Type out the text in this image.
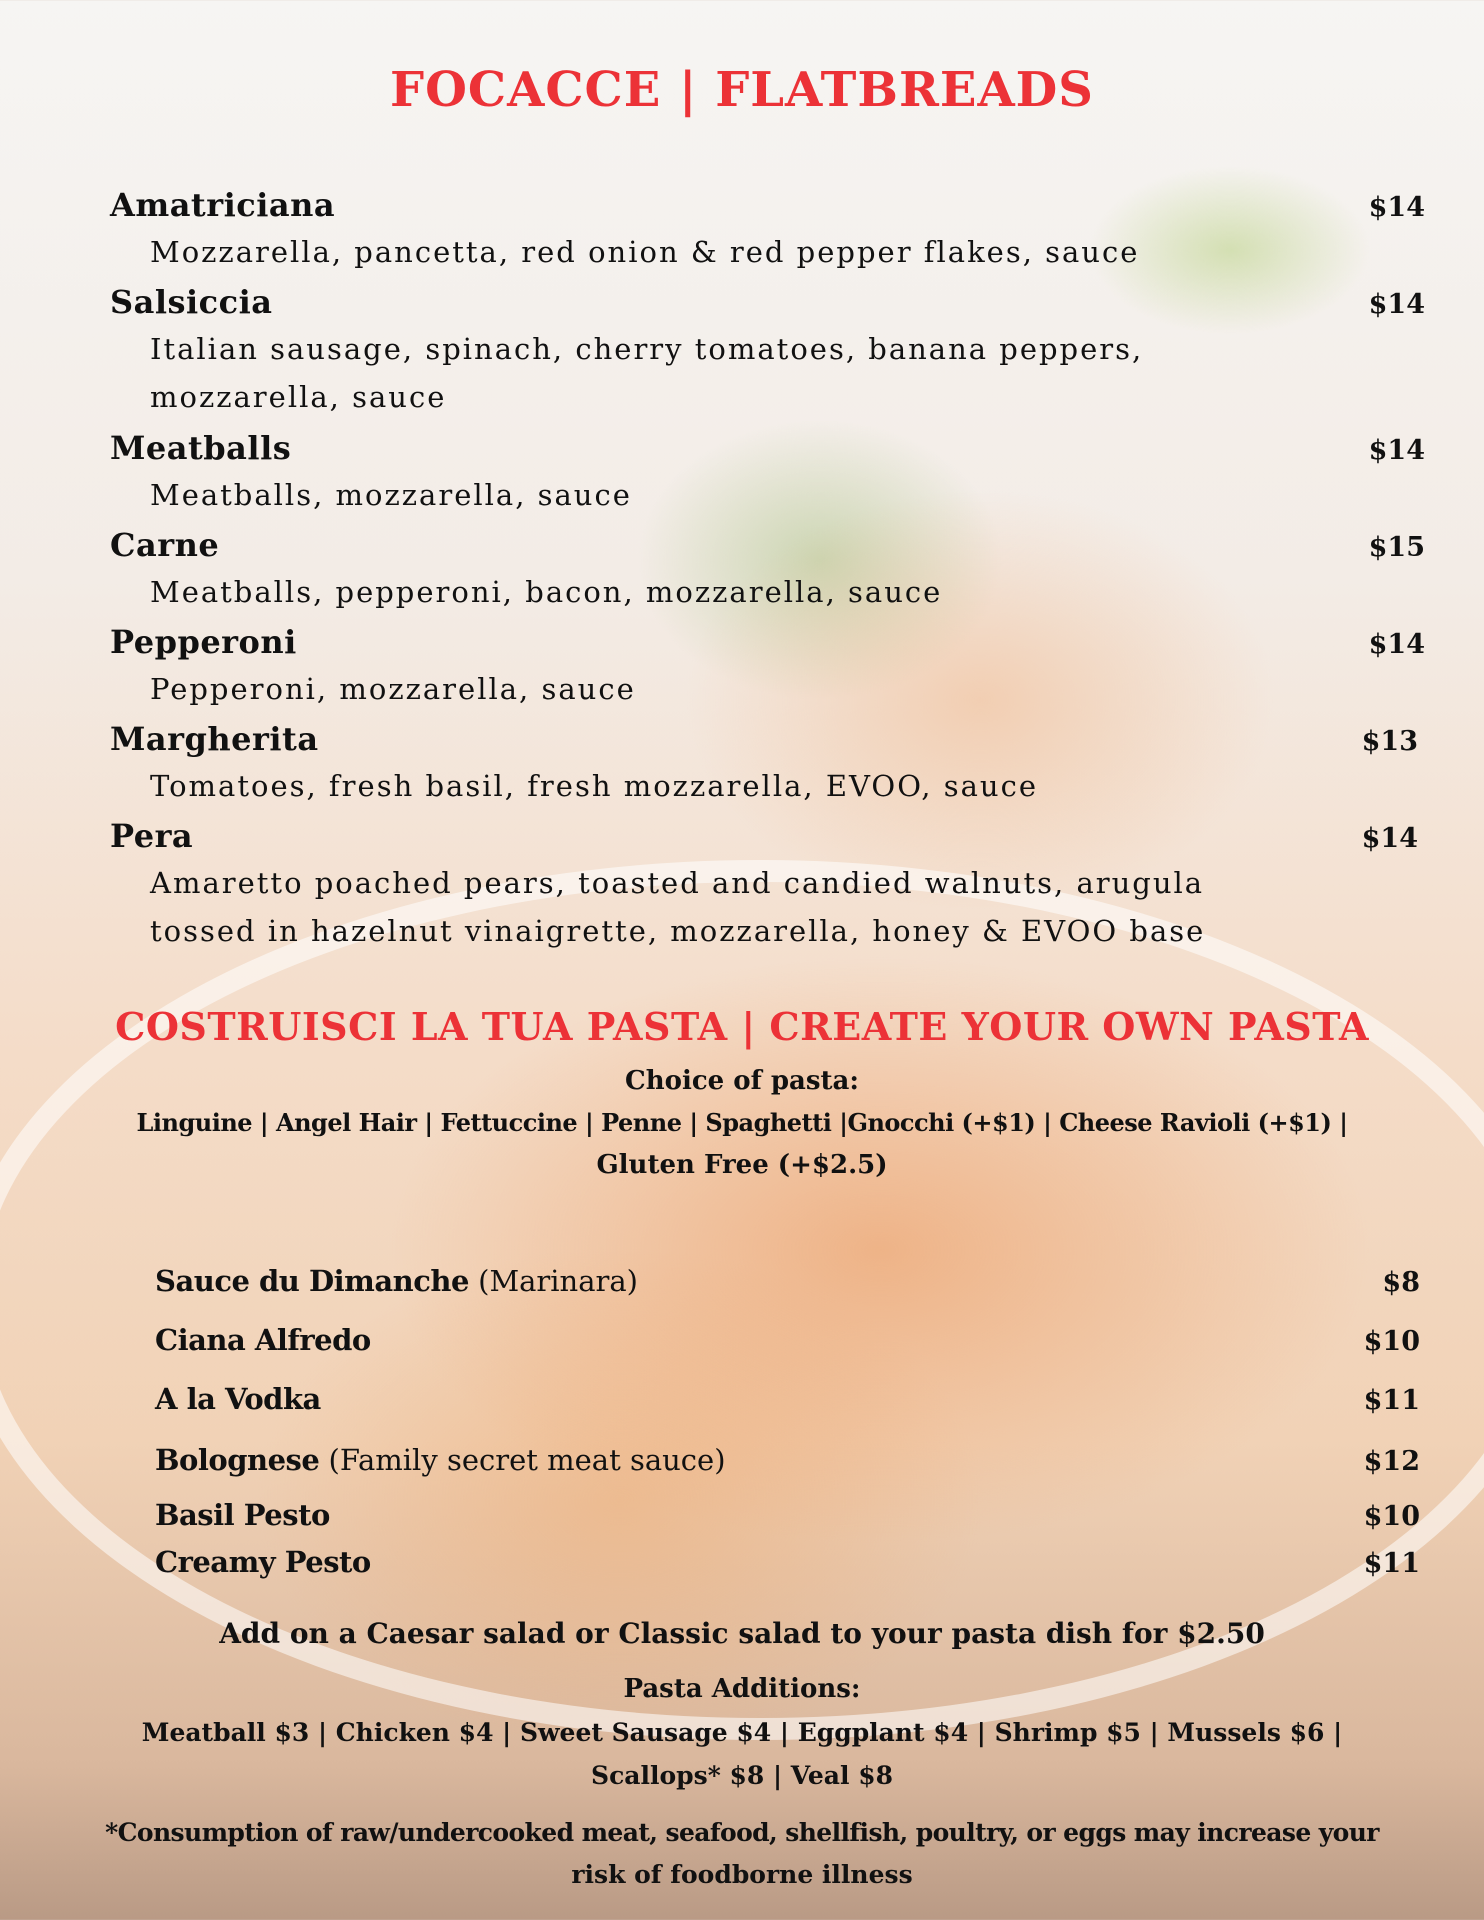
FOCACCE | FLATBREADS
Amatriciana	$14
Mozzarella, pancetta, red onion & red pepper flakes, sauce
Salsiccia	$14
Italian sausage, spinach, cherry tomatoes, banana peppers,
mozzarella, sauce
Meatballs	$14
Meatballs, mozzarella, sauce
Carne	$15
Meatballs, pepperoni, bacon, mozzarella, sauce
Pepperoni	$14
Pepperoni, mozzarella, sauce
Margherita	$13
Tomatoes, fresh basil, fresh mozzarella, EVOO, sauce
Pera	$14
Amaretto poached pears, toasted and candied walnuts, arugula
tossed in hazelnut vinaigrette, mozzarella, honey & EVOO base
COSTRUISCI LA TUA PASTA | CREATE YOUR OWN PASTA
Choice of pasta:
Linguine | Angel Hair | Fettuccine | Penne | Spaghetti |Gnocchi (+$1) | Cheese Ravioli (+$1) |
Gluten Free (+$2.5)
Sauce du Dimanche (Marinara)	$8
Ciana Alfredo	$10
A la Vodka	$11
Bolognese (Family secret meat sauce)	$12
Basil Pesto	$10
Creamy Pesto	$11
Add on a Caesar salad or Classic salad to your pasta dish for $2.50
Pasta Additions:
Meatball $3 | Chicken $4 | Sweet Sausage $4 | Eggplant $4 | Shrimp $5 | Mussels $6 |
Scallops* $8 | Veal $8
*Consumption of raw/undercooked meat, seafood, shellfish, poultry, or eggs may increase your
risk of foodborne illness
